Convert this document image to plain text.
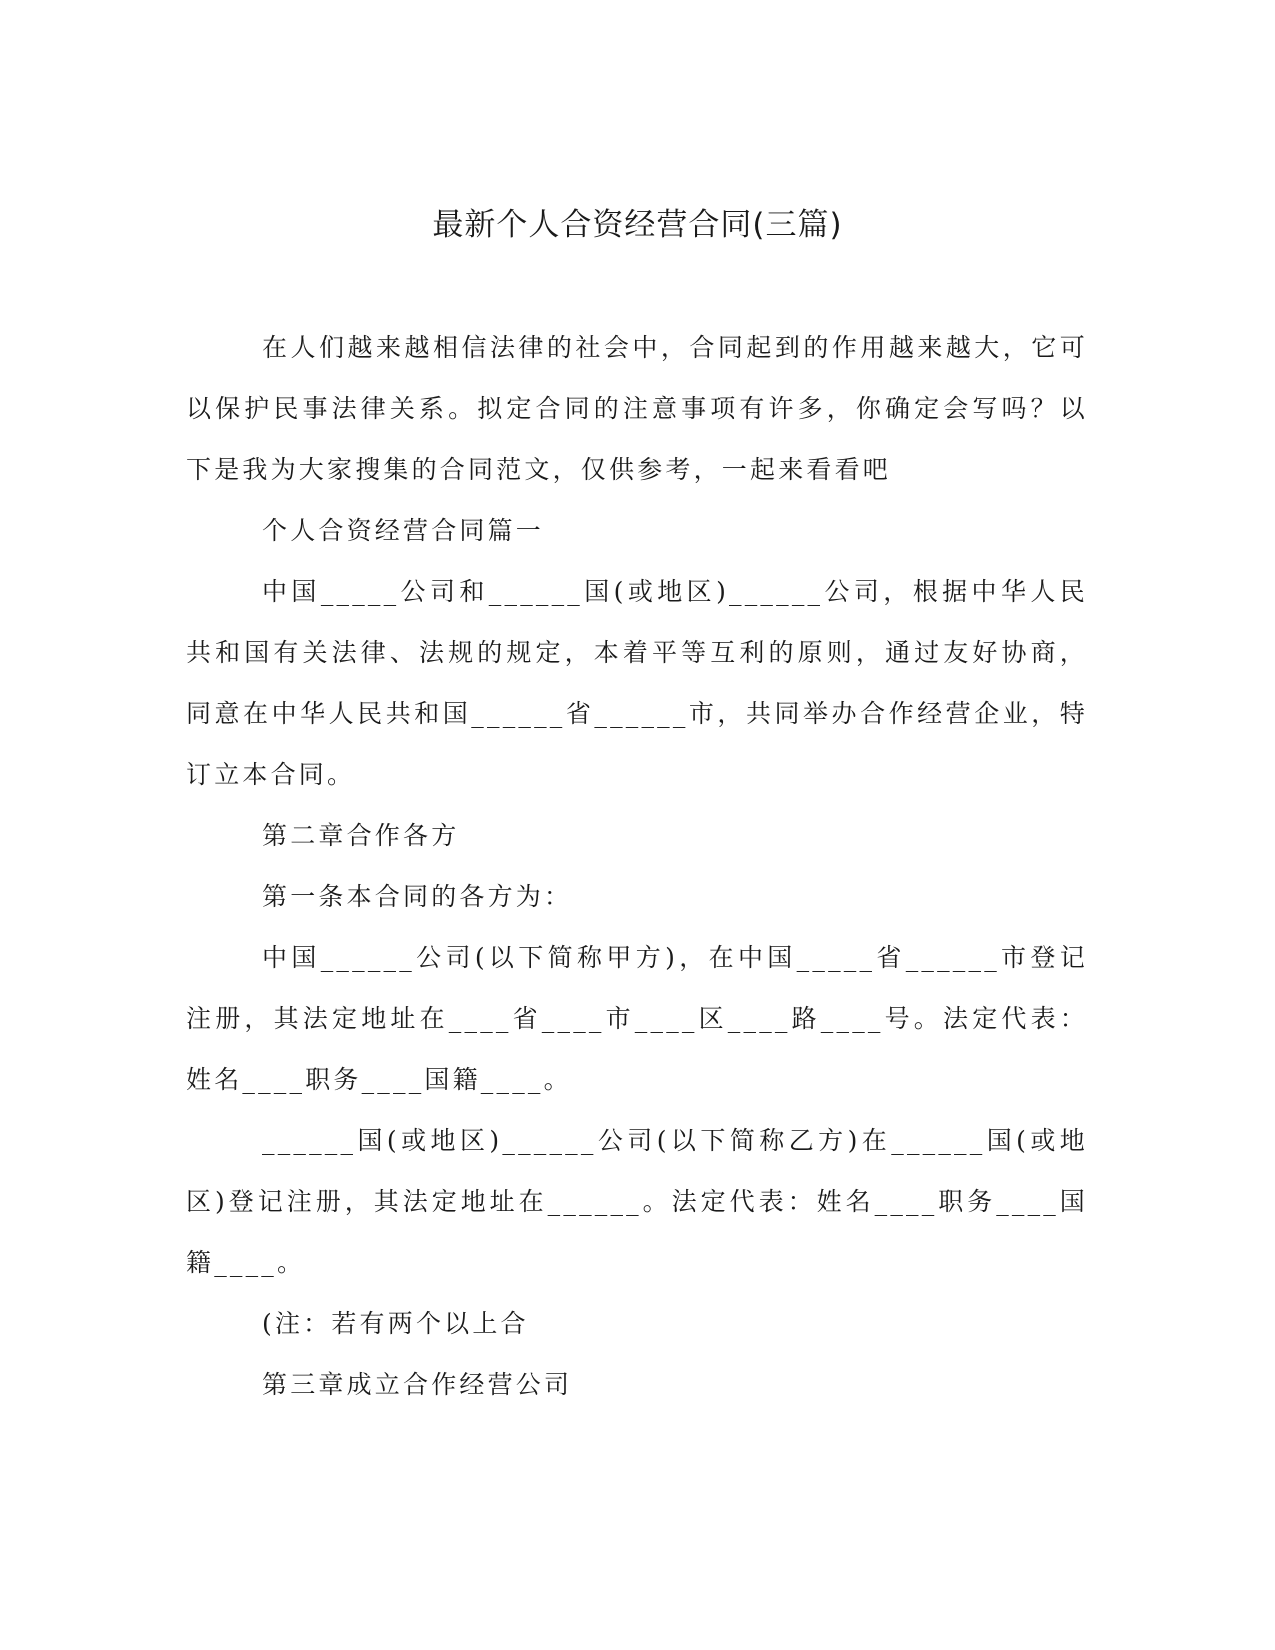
最新个人合资经营合同(三篇)

在人们越来越相信法律的社会中，合同起到的作用越来越大，它可以保护民事法律关系。拟定合同的注意事项有许多，你确定会写吗？以下是我为大家搜集的合同范文，仅供参考，一起来看看吧

个人合资经营合同篇一

中国_____公司和______国(或地区)______公司，根据中华人民共和国有关法律、法规的规定，本着平等互利的原则，通过友好协商，同意在中华人民共和国______省______市，共同举办合作经营企业，特订立本合同。

第二章合作各方

第一条本合同的各方为：

中国______公司(以下简称甲方)，在中国_____省______市登记注册，其法定地址在____省____市____区____路____号。法定代表：姓名____职务____国籍____。

______国(或地区)______公司(以下简称乙方)在______国(或地区)登记注册，其法定地址在______。法定代表：姓名____职务____国籍____。

(注：若有两个以上合

第三章成立合作经营公司
